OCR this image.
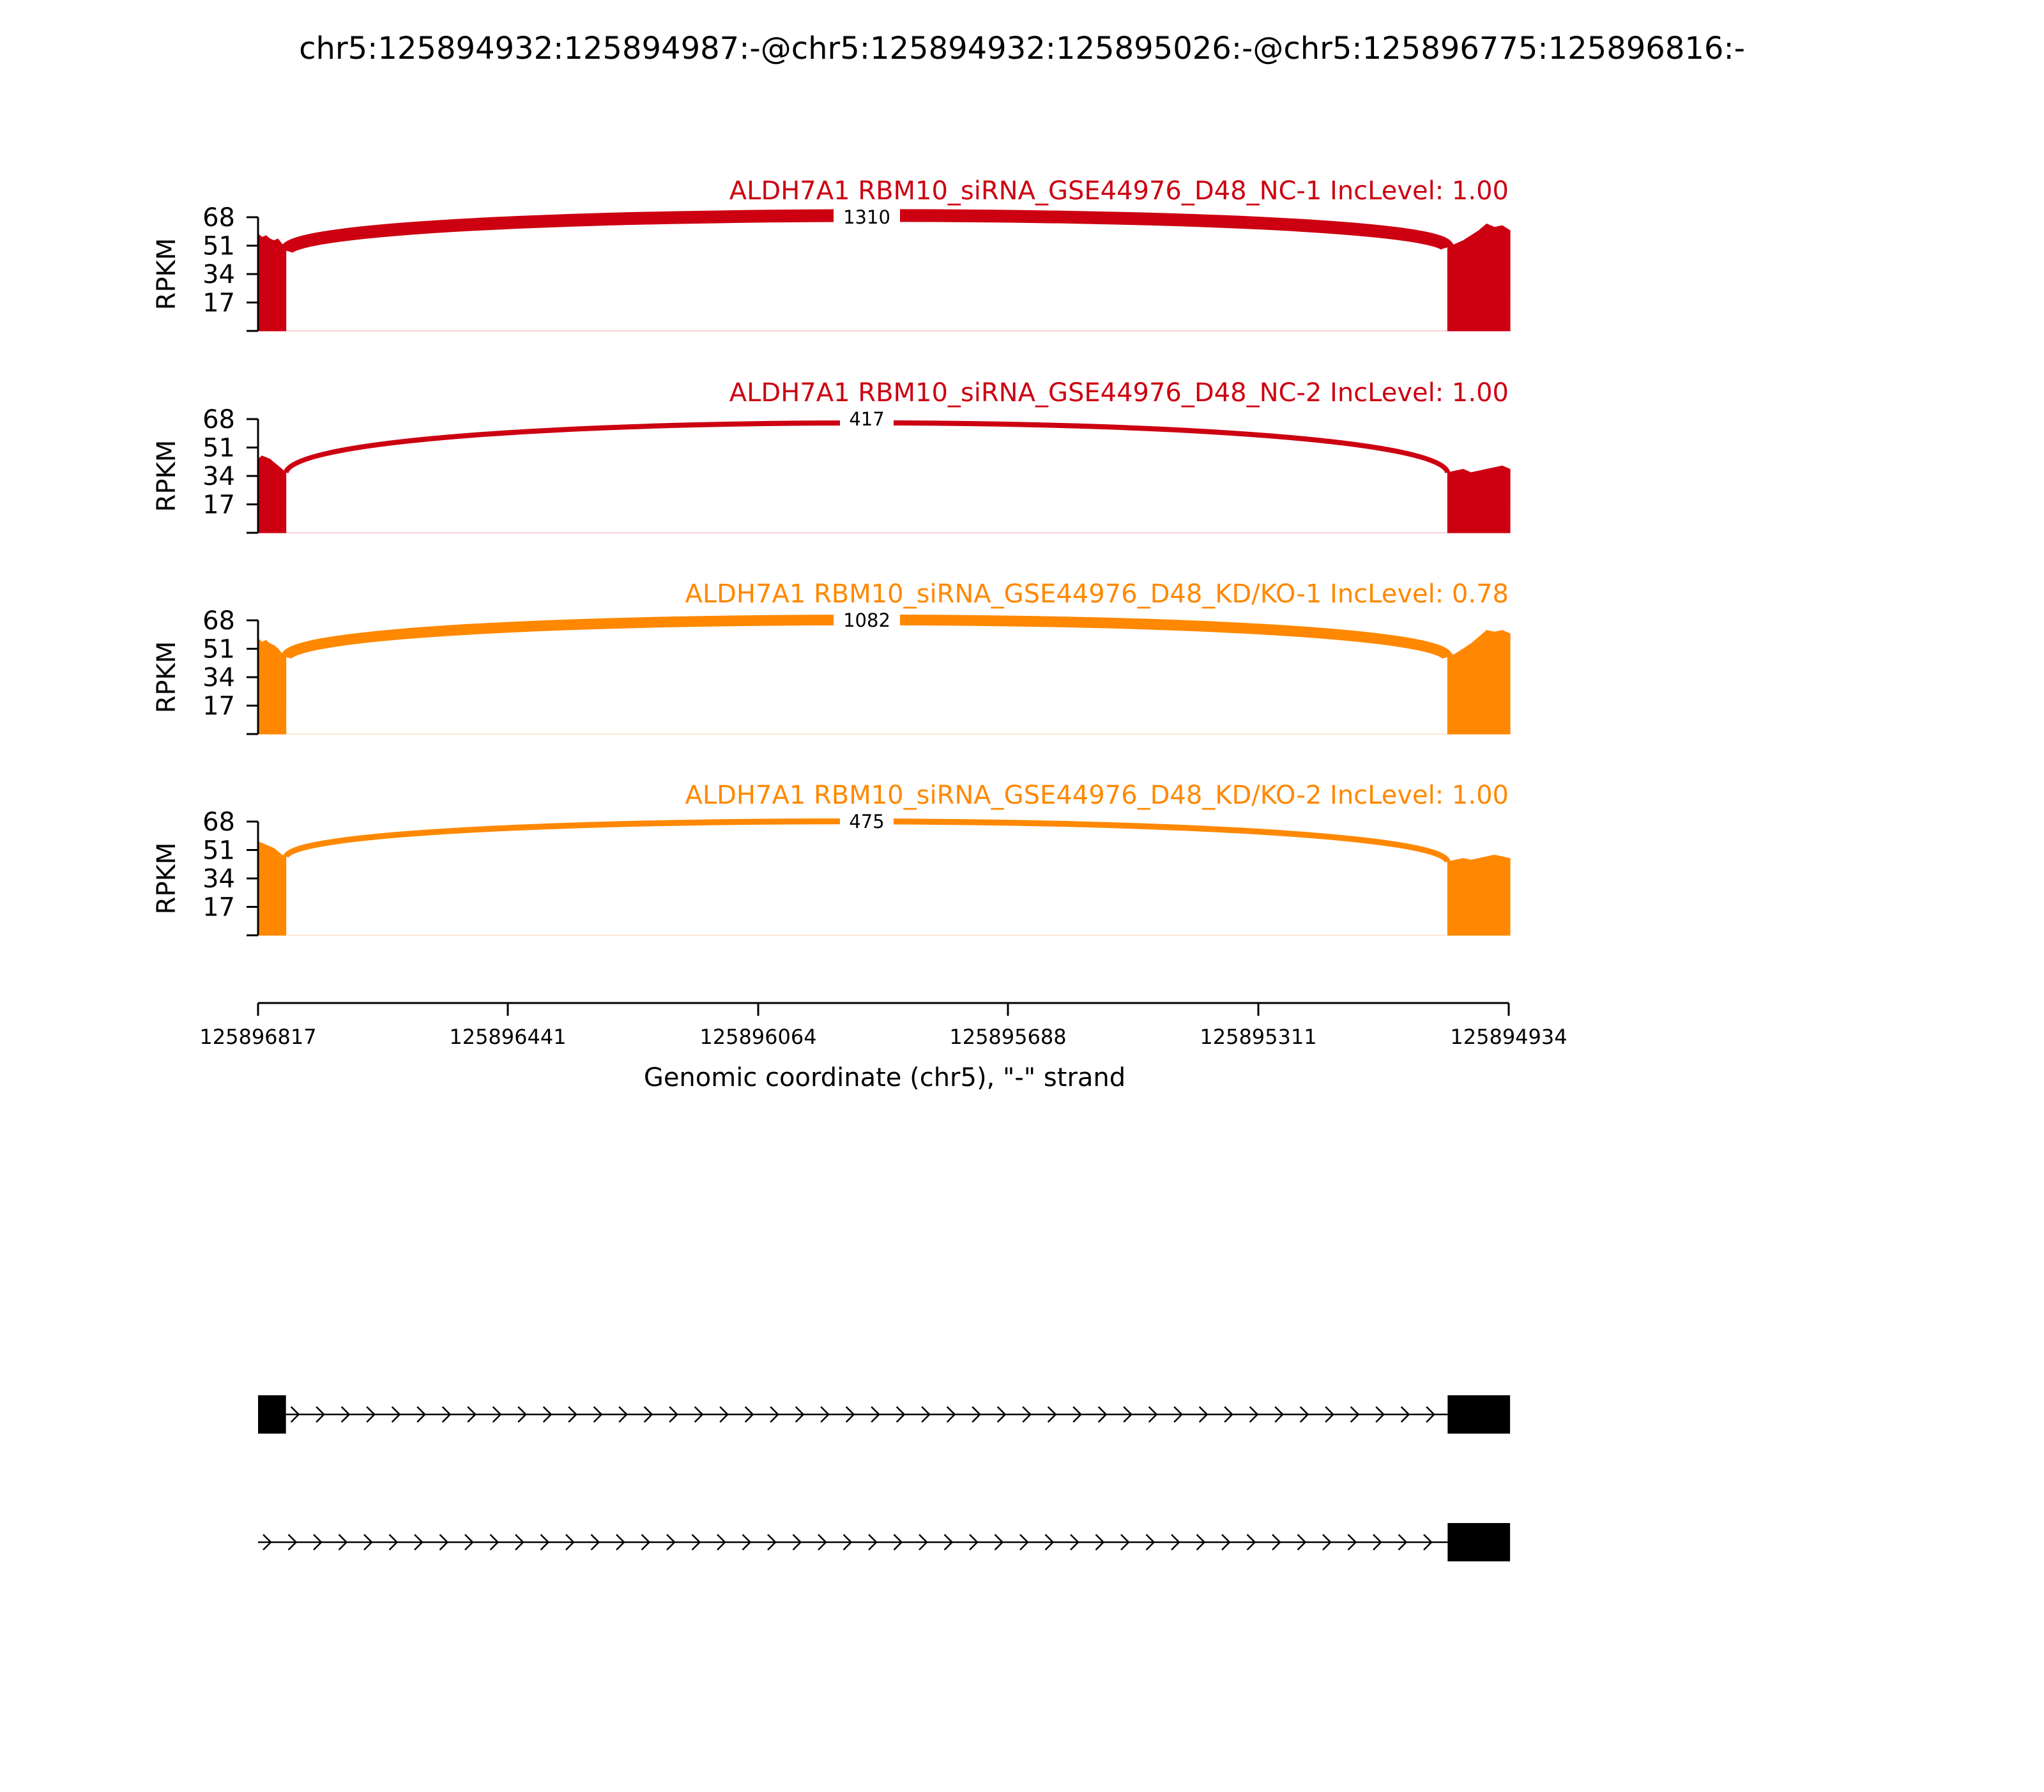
chr5:125894932:125894987:-@chr5:125894932:125895026:-@chr5:125896775:125896816:-
1310
68
51
34
17
RPKM
ALDH7A1 RBM10_siRNA_GSE44976_D48_NC-1 IncLevel: 1.00
417
68
51
34
17
RPKM
ALDH7A1 RBM10_siRNA_GSE44976_D48_NC-2 IncLevel: 1.00
1082
68
51
34
17
RPKM
ALDH7A1 RBM10_siRNA_GSE44976_D48_KD/KO-1 IncLevel: 0.78
475
68
51
34
17
RPKM
ALDH7A1 RBM10_siRNA_GSE44976_D48_KD/KO-2 IncLevel: 1.00
125896817	125896441	125896064	125895688	125895311	125894934
Genomic coordinate (chr5), "-" strand
